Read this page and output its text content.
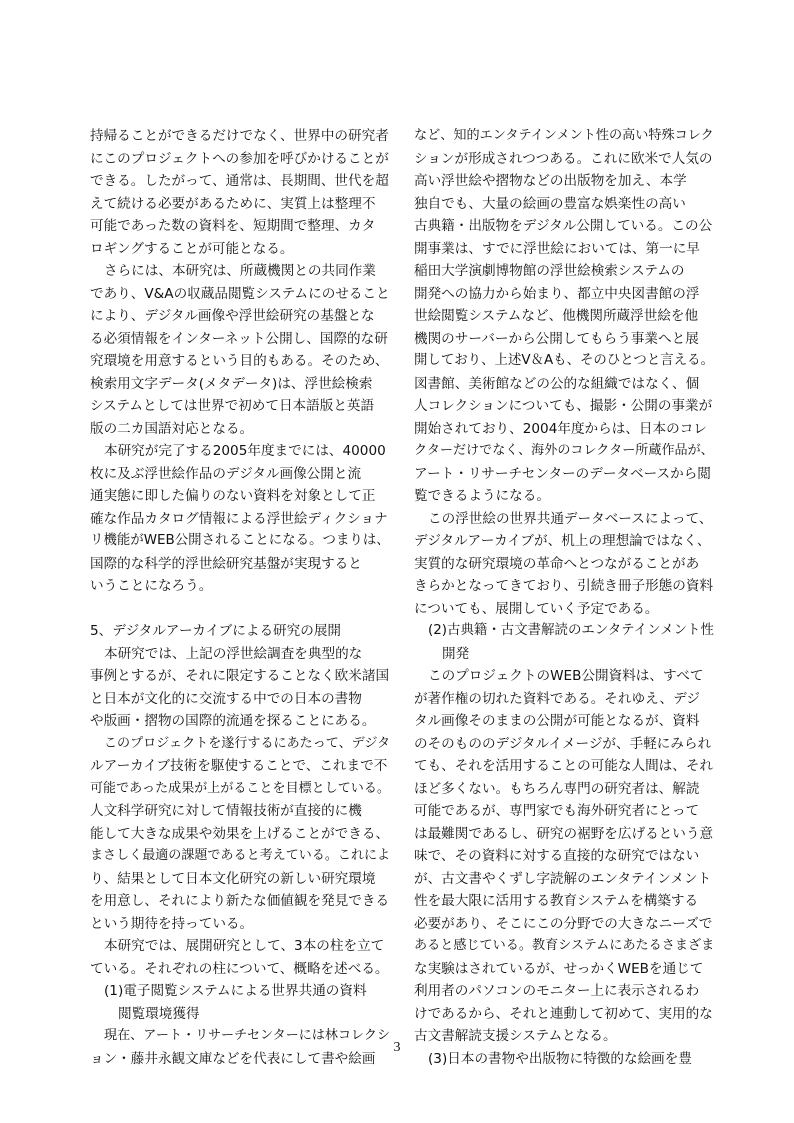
持帰ることができるだけでなく、世界中の研究者
にこのプロジェクトへの参加を呼びかけることが
できる。したがって、通常は、長期間、世代を超
えて続ける必要があるために、実質上は整理不
可能であった数の資料を、短期間で整理、カタ
ロギングすることが可能となる。
さらには、本研究は、所蔵機関との共同作業
であり、V&Aの収蔵品閲覧システムにのせること
により、デジタル画像や浮世絵研究の基盤とな
る必須情報をインターネット公開し、国際的な研
究環境を用意するという目的もある。そのため、
検索用文字データ(メタデータ)は、浮世絵検索
システムとしては世界で初めて日本語版と英語
版の二カ国語対応となる。
本研究が完了する2005年度までには、40000
枚に及ぶ浮世絵作品のデジタル画像公開と流
通実態に即した偏りのない資料を対象として正
確な作品カタログ情報による浮世絵ディクショナ
リ機能がWEB公開されることになる。つまりは、
国際的な科学的浮世絵研究基盤が実現すると
いうことになろう。
5、デジタルアーカイブによる研究の展開
本研究では、上記の浮世絵調査を典型的な
事例とするが、それに限定することなく欧米諸国
と日本が文化的に交流する中での日本の書物
や版画・摺物の国際的流通を探ることにある。
このプロジェクトを遂行するにあたって、デジタ
ルアーカイブ技術を駆使することで、これまで不
可能であった成果が上がることを目標としている。
人文科学研究に対して情報技術が直接的に機
能して大きな成果や効果を上げることができる、
まさしく最適の課題であると考えている。これによ
り、結果として日本文化研究の新しい研究環境
を用意し、それにより新たな価値観を発見できる
という期待を持っている。
本研究では、展開研究として、3本の柱を立て
ている。それぞれの柱について、概略を述べる。
(1)電子閲覧システムによる世界共通の資料
閲覧環境獲得
現在、アート・リサーチセンターには林コレクシ
ョン・藤井永観文庫などを代表にして書や絵画
など、知的エンタテインメント性の高い特殊コレク
ションが形成されつつある。これに欧米で人気の
高い浮世絵や摺物などの出版物を加え、本学
独自でも、大量の絵画の豊富な娯楽性の高い
古典籍・出版物をデジタル公開している。この公
開事業は、すでに浮世絵においては、第一に早
稲田大学演劇博物館の浮世絵検索システムの
開発への協力から始まり、都立中央図書館の浮
世絵閲覧システムなど、他機関所蔵浮世絵を他
機関のサーバーから公開してもらう事業へと展
開しており、上述V＆Aも、そのひとつと言える。
図書館、美術館などの公的な組織ではなく、個
人コレクションについても、撮影・公開の事業が
開始されており、2004年度からは、日本のコレ
クターだけでなく、海外のコレクター所蔵作品が、
アート・リサーチセンターのデータベースから閲
覧できるようになる。
この浮世絵の世界共通データベースによって、
デジタルアーカイブが、机上の理想論ではなく、
実質的な研究環境の革命へとつながることがあ
きらかとなってきており、引続き冊子形態の資料
についても、展開していく予定である。
(2)古典籍・古文書解読のエンタテインメント性
開発
このプロジェクトのWEB公開資料は、すべて
が著作権の切れた資料である。それゆえ、デジ
タル画像そのままの公開が可能となるが、資料
のそのもののデジタルイメージが、手軽にみられ
ても、それを活用することの可能な人間は、それ
ほど多くない。もちろん専門の研究者は、解読
可能であるが、専門家でも海外研究者にとって
は最難関であるし、研究の裾野を広げるという意
味で、その資料に対する直接的な研究ではない
が、古文書やくずし字読解のエンタテインメント
性を最大限に活用する教育システムを構築する
必要があり、そこにこの分野での大きなニーズで
あると感じている。教育システムにあたるさまざま
な実験はされているが、せっかくWEBを通じて
利用者のパソコンのモニター上に表示されるわ
けであるから、それと連動して初めて、実用的な
古文書解読支援システムとなる。
(3)日本の書物や出版物に特徴的な絵画を豊
3
